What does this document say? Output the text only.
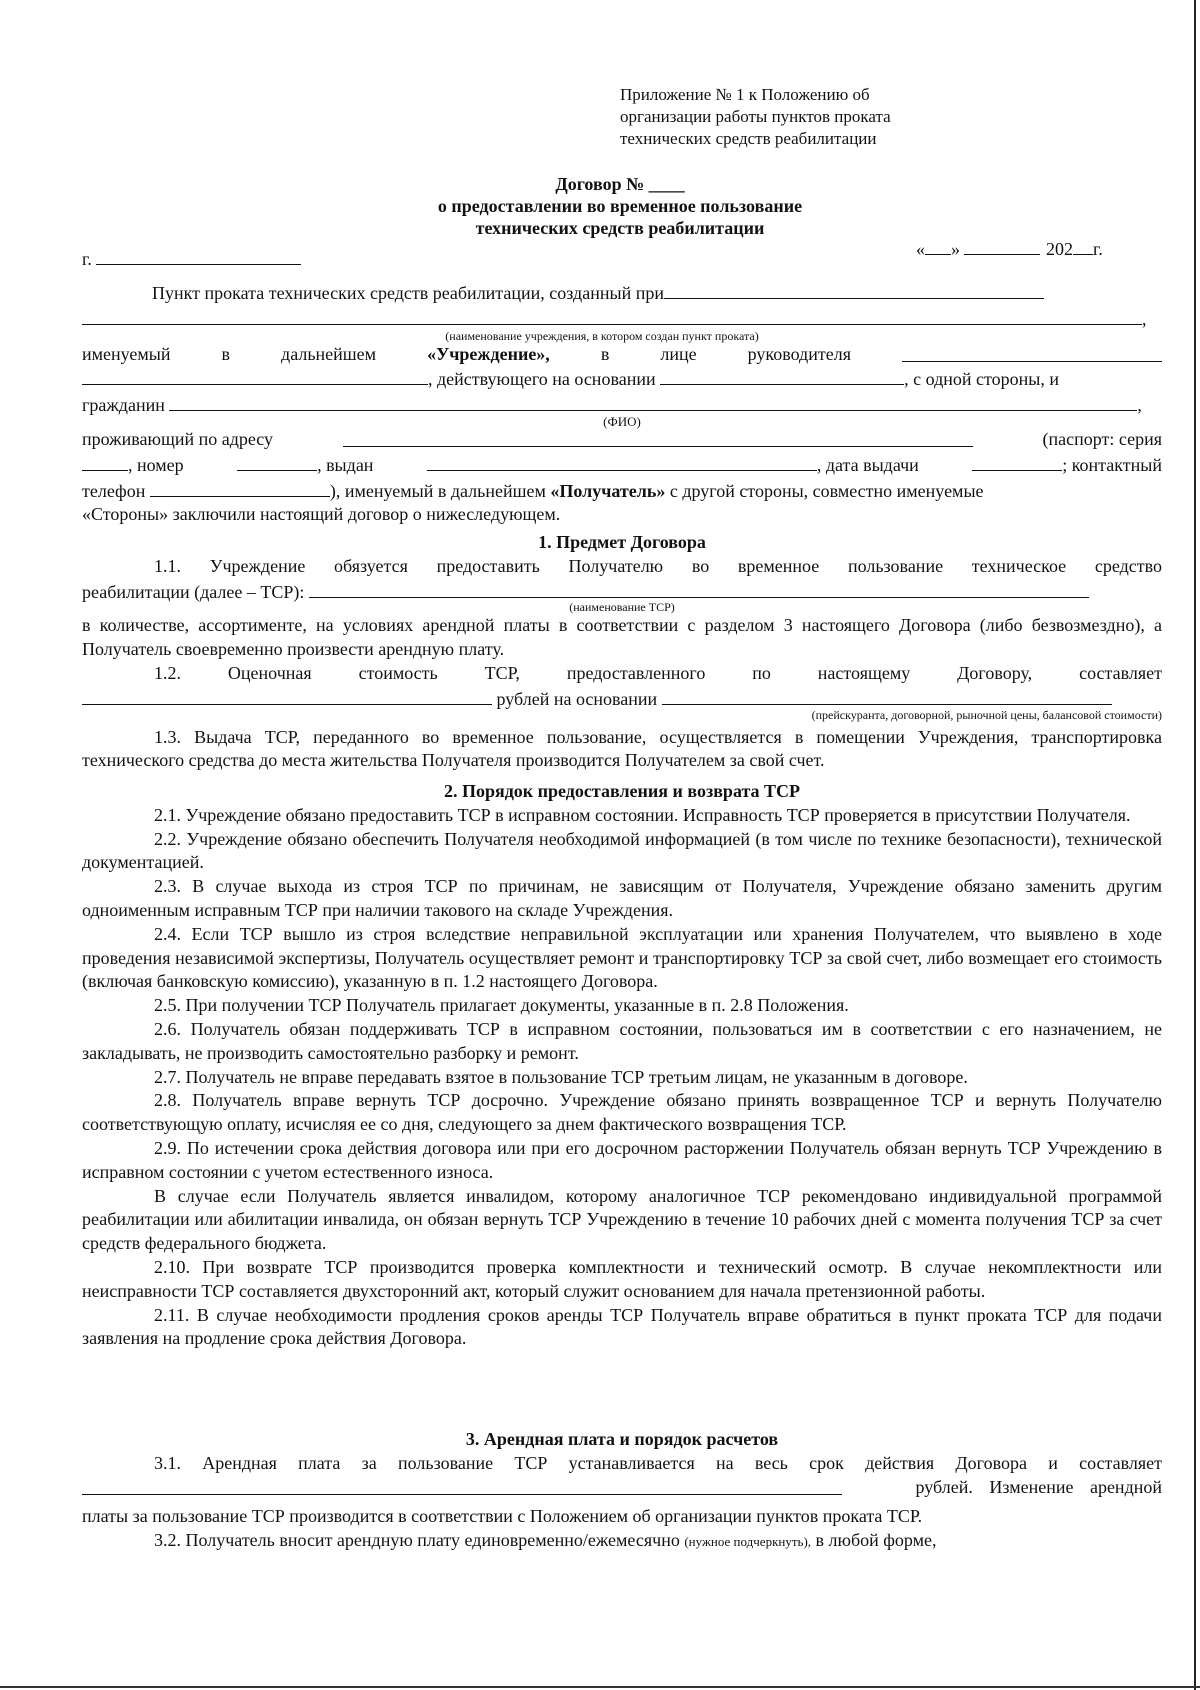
Приложение № 1 к Положению об
организации работы пунктов проката
технических средств реабилитации
Договор № ____
о предоставлении во временное пользование
технических средств реабилитации
г.	« »	202г.
Пункт проката технических средств реабилитации, созданный при
,
(наименование учреждения, в котором создан пункт проката)
именуемый	в	дальнейшем	«Учреждение»,	в	лице	руководителя
, действующего на основании	, с одной стороны, и
гражданин	,
(ФИО)
проживающий по адресу	(паспорт: серия
, номер	, выдан	, дата выдачи	; контактный
телефон	), именуемый в дальнейшем «Получатель» с другой стороны, совместно именуемые
«Стороны» заключили настоящий договор о нижеследующем.
1. Предмет Договора
1.1. Учреждение обязуется предоставить Получателю во временное пользование техническое средство
реабилитации (далее – ТСР):
(наименование ТСР)
в количестве, ассортименте, на условиях арендной платы в соответствии с разделом 3 настоящего Договора (либо безвозмездно), а Получатель своевременно произвести арендную плату.
1.2. Оценочная стоимость ТСР, предоставленного по настоящему Договору, составляет
рублей на основании
(прейскуранта, договорной, рыночной цены, балансовой стоимости)
1.3. Выдача ТСР, переданного во временное пользование, осуществляется в помещении Учреждения, транспортировка технического средства до места жительства Получателя производится Получателем за свой счет.
2. Порядок предоставления и возврата ТСР
2.1. Учреждение обязано предоставить ТСР в исправном состоянии. Исправность ТСР проверяется в присутствии Получателя.
2.2. Учреждение обязано обеспечить Получателя необходимой информацией (в том числе по технике безопасности), технической документацией.
2.3. В случае выхода из строя ТСР по причинам, не зависящим от Получателя, Учреждение обязано заменить другим одноименным исправным ТСР при наличии такового на складе Учреждения.
2.4. Если ТСР вышло из строя вследствие неправильной эксплуатации или хранения Получателем, что выявлено в ходе проведения независимой экспертизы, Получатель осуществляет ремонт и транспортировку ТСР за свой счет, либо возмещает его стоимость (включая банковскую комиссию), указанную в п. 1.2 настоящего Договора.
2.5. При получении ТСР Получатель прилагает документы, указанные в п. 2.8 Положения.
2.6. Получатель обязан поддерживать ТСР в исправном состоянии, пользоваться им в соответствии с его назначением, не закладывать, не производить самостоятельно разборку и ремонт.
2.7. Получатель не вправе передавать взятое в пользование ТСР третьим лицам, не указанным в договоре.
2.8. Получатель вправе вернуть ТСР досрочно. Учреждение обязано принять возвращенное ТСР и вернуть Получателю соответствующую оплату, исчисляя ее со дня, следующего за днем фактического возвращения ТСР.
2.9. По истечении срока действия договора или при его досрочном расторжении Получатель обязан вернуть ТСР Учреждению в исправном состоянии с учетом естественного износа.
В случае если Получатель является инвалидом, которому аналогичное ТСР рекомендовано индивидуальной программой реабилитации или абилитации инвалида, он обязан вернуть ТСР Учреждению в течение 10 рабочих дней с момента получения ТСР за счет средств федерального бюджета.
2.10. При возврате ТСР производится проверка комплектности и технический осмотр. В случае некомплектности или неисправности ТСР составляется двухсторонний акт, который служит основанием для начала претензионной работы.
2.11. В случае необходимости продления сроков аренды ТСР Получатель вправе обратиться в пункт проката ТСР для подачи заявления на продление срока действия Договора.
3. Арендная плата и порядок расчетов
3.1. Арендная плата за пользование ТСР устанавливается на весь срок действия Договора и составляет
рублей. Изменение арендной
платы за пользование ТСР производится в соответствии с Положением об организации пунктов проката ТСР.
3.2. Получатель вносит арендную плату единовременно/ежемесячно (нужное подчеркнуть), в любой форме,
